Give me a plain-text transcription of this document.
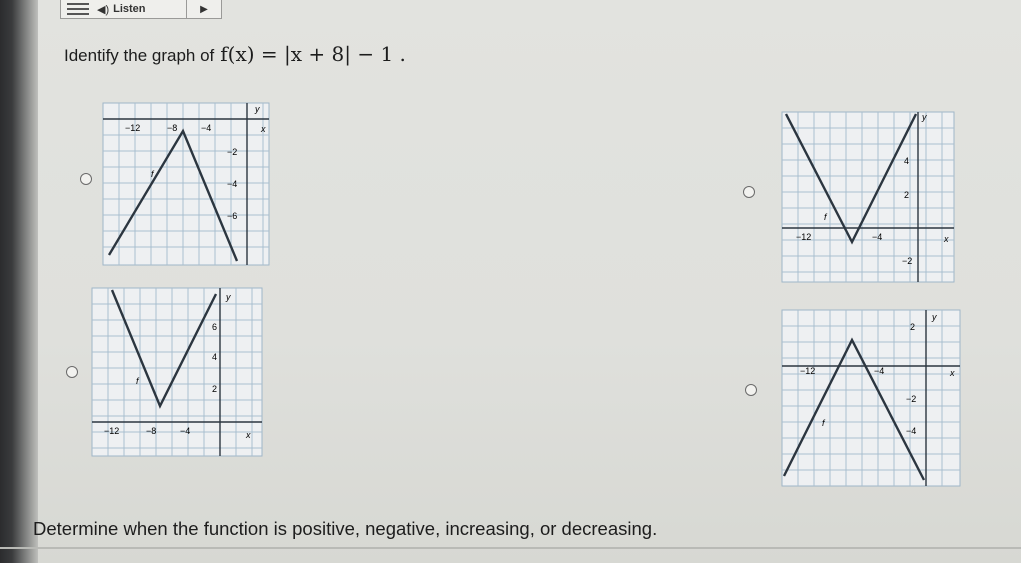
◀) Listen	▶
Identify the graph of f(x) = |x + 8| − 1 .
y
x
−12	−8	−4
−2
−4
−6
f
y
x
−12	−4
4
2
−2
f
y
x
−12	−8	−4
6
4
2
f
y
x
−12	−4
2
−2
−4
f
Determine when the function is positive, negative, increasing, or decreasing.
